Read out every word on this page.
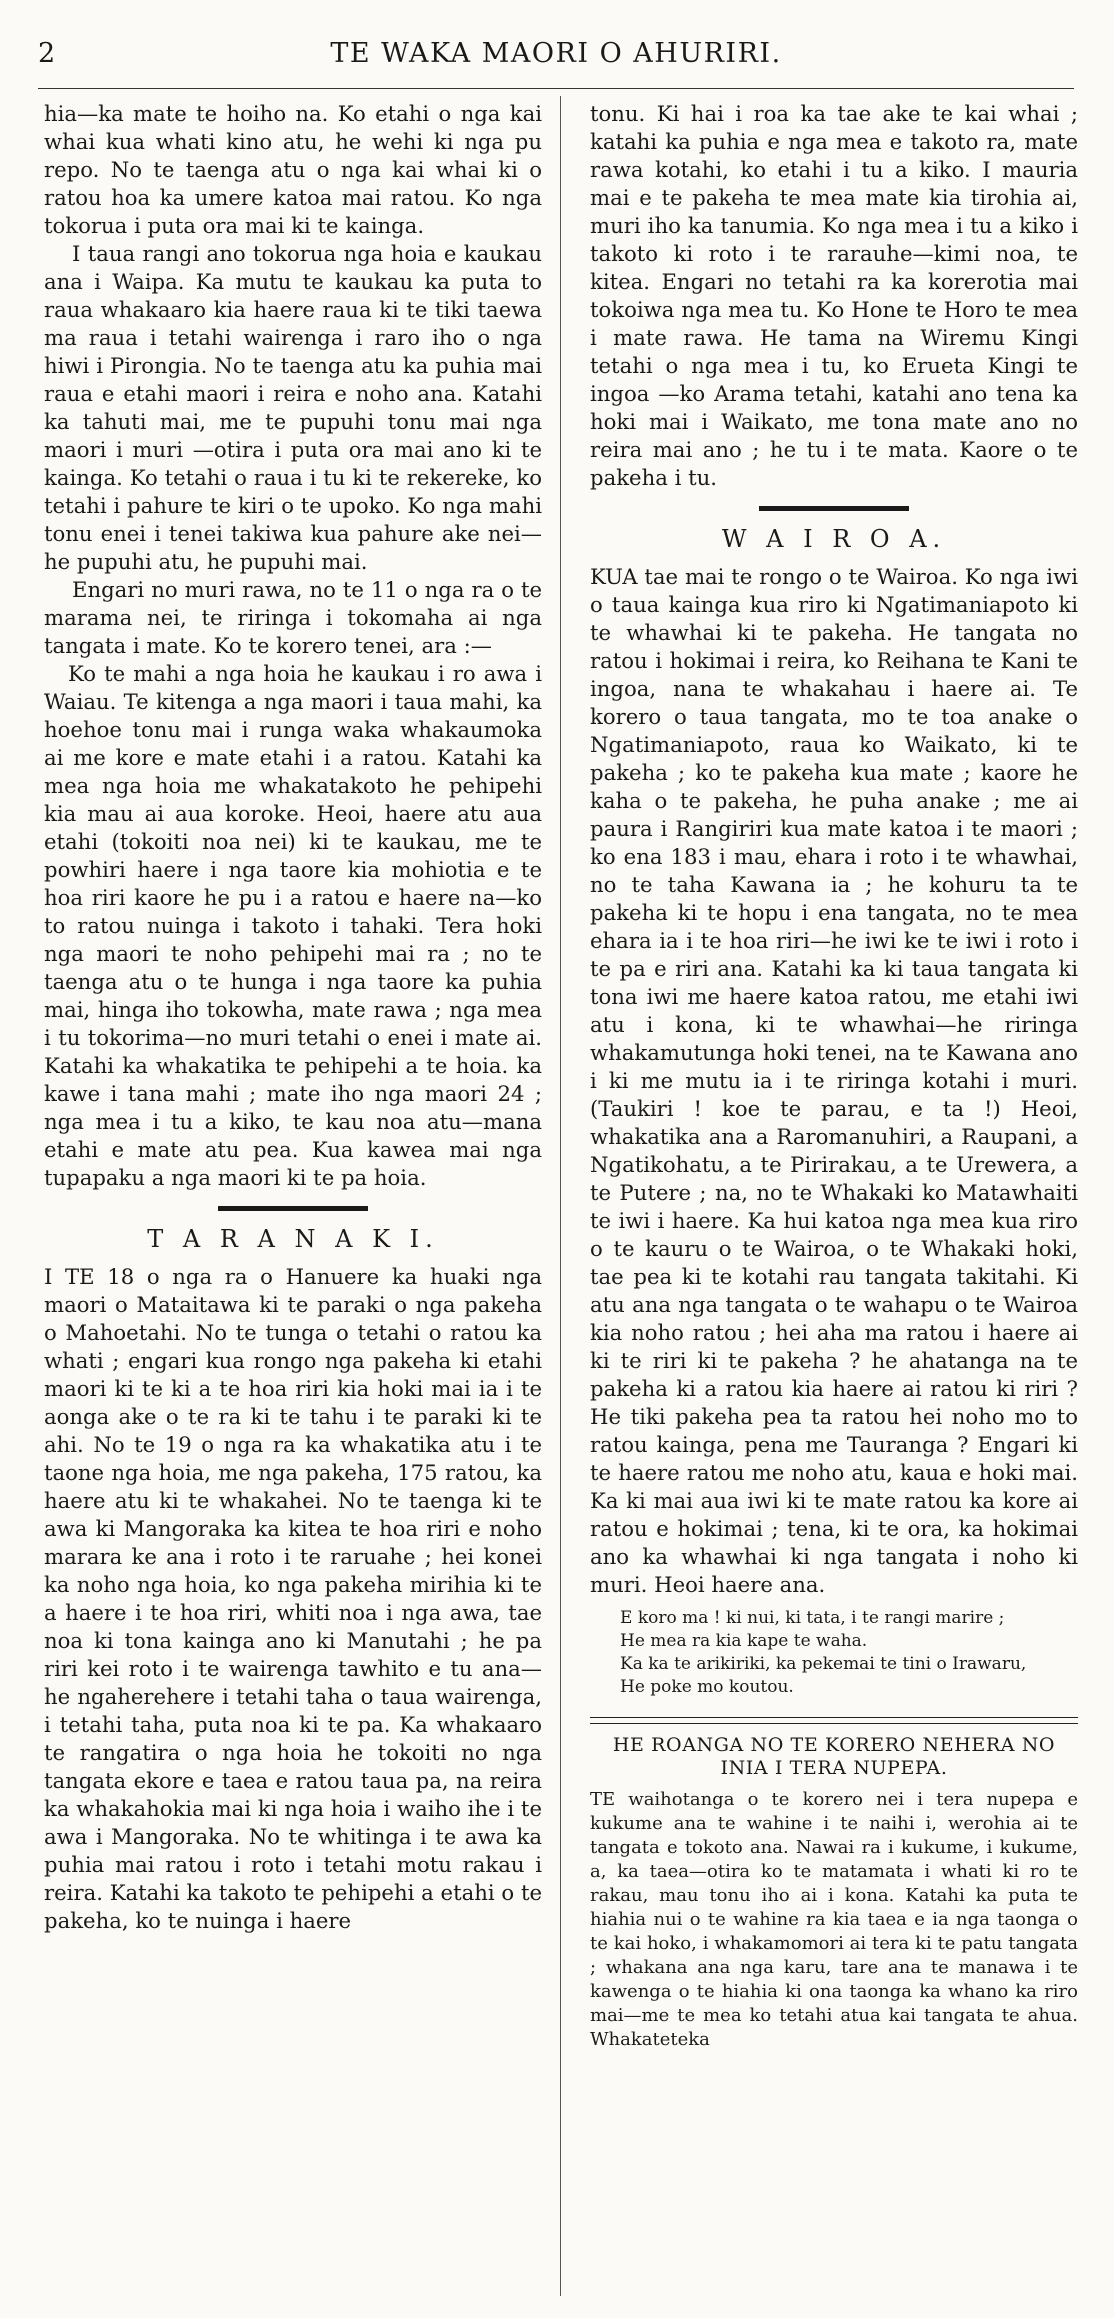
2	TE WAKA MAORI O AHURIRI.

hia—ka mate te hoiho na. Ko etahi o nga kai whai kua whati kino atu, he wehi ki nga pu repo. No te taenga atu o nga kai whai ki o ratou hoa ka umere katoa mai ratou. Ko nga tokorua i puta ora mai ki te kainga.

I taua rangi ano tokorua nga hoia e kaukau ana i Waipa. Ka mutu te kaukau ka puta to raua whakaaro kia haere raua ki te tiki taewa ma raua i tetahi wairenga i raro iho o nga hiwi i Pirongia. No te taenga atu ka puhia mai raua e etahi maori i reira e noho ana. Katahi ka tahuti mai, me te pupuhi tonu mai nga maori i muri —otira i puta ora mai ano ki te kainga. Ko tetahi o raua i tu ki te rekereke, ko tetahi i pahure te kiri o te upoko. Ko nga mahi tonu enei i tenei takiwa kua pahure ake nei—he pupuhi atu, he pupuhi mai.

Engari no muri rawa, no te 11 o nga ra o te marama nei, te riringa i tokomaha ai nga tangata i mate. Ko te korero tenei, ara :—

Ko te mahi a nga hoia he kaukau i ro awa i Waiau. Te kitenga a nga maori i taua mahi, ka hoehoe tonu mai i runga waka whakaumoka ai me kore e mate etahi i a ratou. Katahi ka mea nga hoia me whakatakoto he pehipehi kia mau ai aua koroke. Heoi, haere atu aua etahi (tokoiti noa nei) ki te kaukau, me te powhiri haere i nga taore kia mohiotia e te hoa riri kaore he pu i a ratou e haere na—ko to ratou nuinga i takoto i tahaki. Tera hoki nga maori te noho pehipehi mai ra ; no te taenga atu o te hunga i nga taore ka puhia mai, hinga iho tokowha, mate rawa ; nga mea i tu tokorima—no muri tetahi o enei i mate ai. Katahi ka whakatika te pehipehi a te hoia. ka kawe i tana mahi ; mate iho nga maori 24 ; nga mea i tu a kiko, te kau noa atu—mana etahi e mate atu pea. Kua kawea mai nga tupapaku a nga maori ki te pa hoia.

T A R A N A K I.

I TE 18 o nga ra o Hanuere ka huaki nga maori o Mataitawa ki te paraki o nga pakeha o Mahoetahi. No te tunga o tetahi o ratou ka whati ; engari kua rongo nga pakeha ki etahi maori ki te ki a te hoa riri kia hoki mai ia i te aonga ake o te ra ki te tahu i te paraki ki te ahi. No te 19 o nga ra ka whakatika atu i te taone nga hoia, me nga pakeha, 175 ratou, ka haere atu ki te whakahei. No te taenga ki te awa ki Mangoraka ka kitea te hoa riri e noho marara ke ana i roto i te raruahe ; hei konei ka noho nga hoia, ko nga pakeha mirihia ki te a haere i te hoa riri, whiti noa i nga awa, tae noa ki tona kainga ano ki Manutahi ; he pa riri kei roto i te wairenga tawhito e tu ana—he ngaherehere i tetahi taha o taua wairenga, i tetahi taha, puta noa ki te pa. Ka whakaaro te rangatira o nga hoia he tokoiti no nga tangata ekore e taea e ratou taua pa, na reira ka whakahokia mai ki nga hoia i waiho ihe i te awa i Mangoraka. No te whitinga i te awa ka puhia mai ratou i roto i tetahi motu rakau i reira. Katahi ka takoto te pehipehi a etahi o te pakeha, ko te nuinga i haere

tonu. Ki hai i roa ka tae ake te kai whai ; katahi ka puhia e nga mea e takoto ra, mate rawa kotahi, ko etahi i tu a kiko. I mauria mai e te pakeha te mea mate kia tirohia ai, muri iho ka tanumia. Ko nga mea i tu a kiko i takoto ki roto i te rarauhe—kimi noa, te kitea. Engari no tetahi ra ka korerotia mai tokoiwa nga mea tu. Ko Hone te Horo te mea i mate rawa. He tama na Wiremu Kingi tetahi o nga mea i tu, ko Erueta Kingi te ingoa —ko Arama tetahi, katahi ano tena ka hoki mai i Waikato, me tona mate ano no reira mai ano ; he tu i te mata. Kaore o te pakeha i tu.

W A I R O A.

KUA tae mai te rongo o te Wairoa. Ko nga iwi o taua kainga kua riro ki Ngatimaniapoto ki te whawhai ki te pakeha. He tangata no ratou i hokimai i reira, ko Reihana te Kani te ingoa, nana te whakahau i haere ai. Te korero o taua tangata, mo te toa anake o Ngatimaniapoto, raua ko Waikato, ki te pakeha ; ko te pakeha kua mate ; kaore he kaha o te pakeha, he puha anake ; me ai paura i Rangiriri kua mate katoa i te maori ; ko ena 183 i mau, ehara i roto i te whawhai, no te taha Kawana ia ; he kohuru ta te pakeha ki te hopu i ena tangata, no te mea ehara ia i te hoa riri—he iwi ke te iwi i roto i te pa e riri ana. Katahi ka ki taua tangata ki tona iwi me haere katoa ratou, me etahi iwi atu i kona, ki te whawhai—he riringa whakamutunga hoki tenei, na te Kawana ano i ki me mutu ia i te riringa kotahi i muri. (Taukiri ! koe te parau, e ta !) Heoi, whakatika ana a Raromanuhiri, a Raupani, a Ngatikohatu, a te Pirirakau, a te Urewera, a te Putere ; na, no te Whakaki ko Matawhaiti te iwi i haere. Ka hui katoa nga mea kua riro o te kauru o te Wairoa, o te Whakaki hoki, tae pea ki te kotahi rau tangata takitahi. Ki atu ana nga tangata o te wahapu o te Wairoa kia noho ratou ; hei aha ma ratou i haere ai ki te riri ki te pakeha ? he ahatanga na te pakeha ki a ratou kia haere ai ratou ki riri ? He tiki pakeha pea ta ratou hei noho mo to ratou kainga, pena me Tauranga ? Engari ki te haere ratou me noho atu, kaua e hoki mai. Ka ki mai aua iwi ki te mate ratou ka kore ai ratou e hokimai ; tena, ki te ora, ka hokimai ano ka whawhai ki nga tangata i noho ki muri. Heoi haere ana.

E koro ma ! ki nui, ki tata, i te rangi marire ;
He mea ra kia kape te waha.
Ka ka te arikiriki, ka pekemai te tini o Irawaru,
He poke mo koutou.
HE ROANGA NO TE KORERO NEHERA NO INIA I TERA NUPEPA.

TE waihotanga o te korero nei i tera nupepa e kukume ana te wahine i te naihi i, werohia ai te tangata e tokoto ana. Nawai ra i kukume, i kukume, a, ka taea—otira ko te matamata i whati ki ro te rakau, mau tonu iho ai i kona. Katahi ka puta te hiahia nui o te wahine ra kia taea e ia nga taonga o te kai hoko, i whakamomori ai tera ki te patu tangata ; whakana ana nga karu, tare ana te manawa i te kawenga o te hiahia ki ona taonga ka whano ka riro mai—me te mea ko tetahi atua kai tangata te ahua. Whakateteka
